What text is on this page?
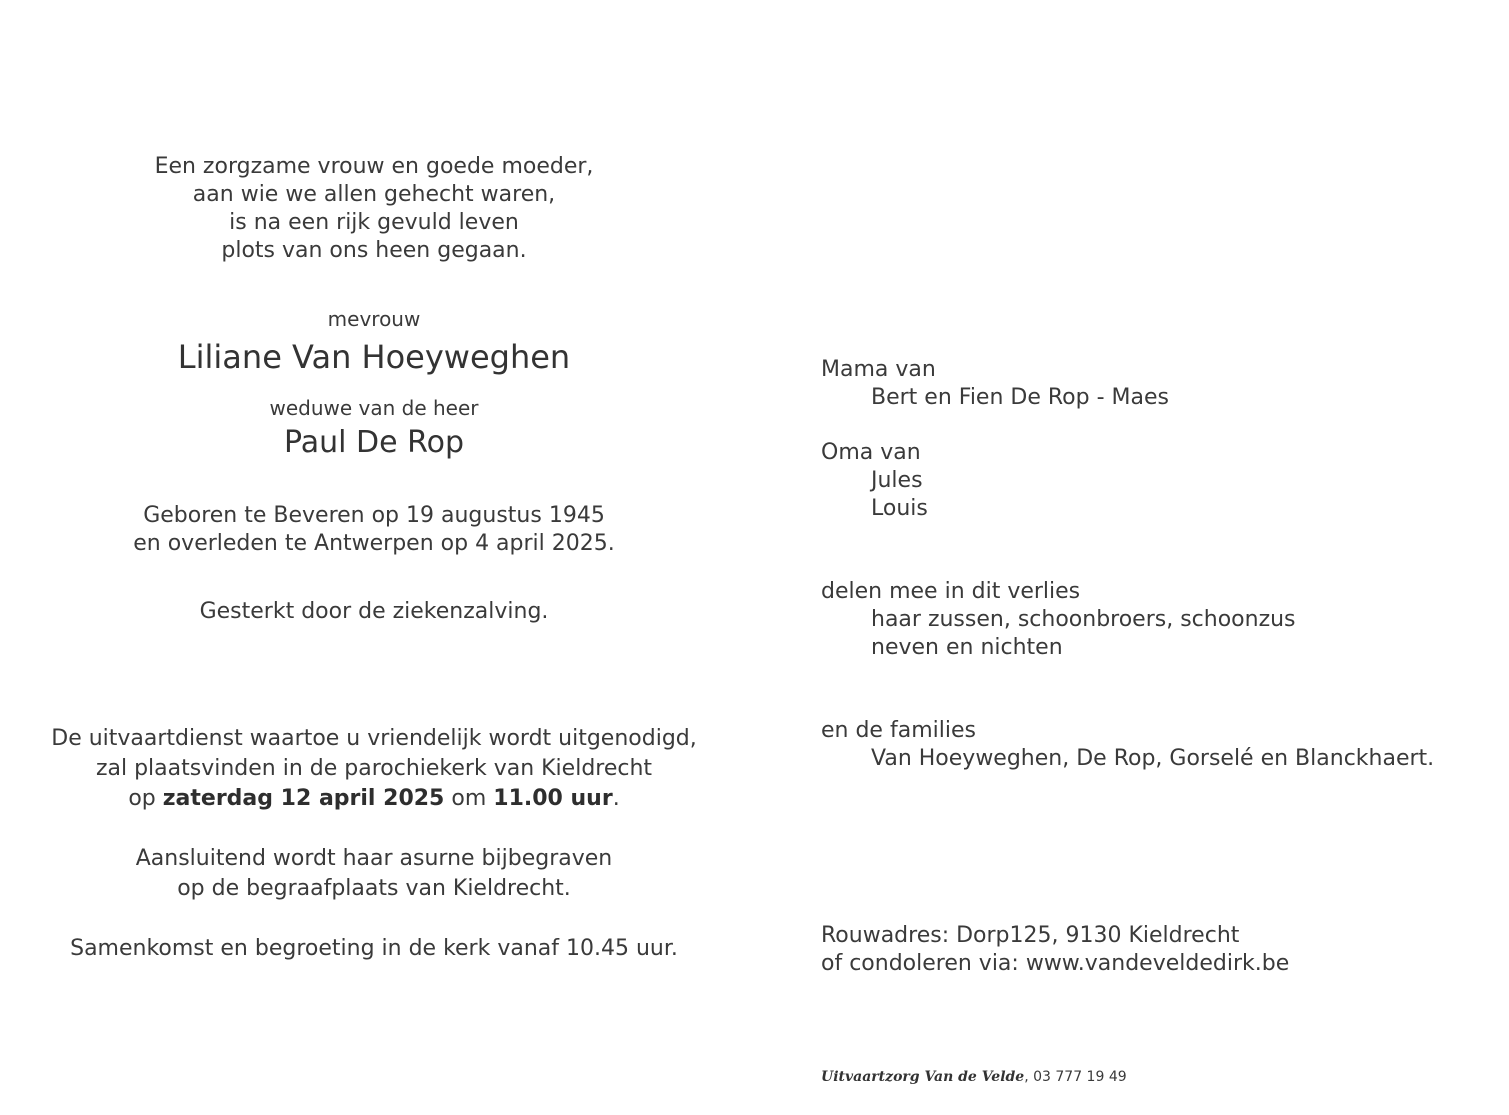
Een zorgzame vrouw en goede moeder,
aan wie we allen gehecht waren,
is na een rijk gevuld leven
plots van ons heen gegaan.
mevrouw
Liliane Van Hoeyweghen
weduwe van de heer
Paul De Rop
Geboren te Beveren op 19 augustus 1945
en overleden te Antwerpen op 4 april 2025.
Gesterkt door de ziekenzalving.
De uitvaartdienst waartoe u vriendelijk wordt uitgenodigd,
zal plaatsvinden in de parochiekerk van Kieldrecht
op zaterdag 12 april 2025 om 11.00 uur.
Aansluitend wordt haar asurne bijbegraven
op de begraafplaats van Kieldrecht.
Samenkomst en begroeting in de kerk vanaf 10.45 uur.
Mama van
Bert en Fien De Rop - Maes
Oma van
Jules
Louis
delen mee in dit verlies
haar zussen, schoonbroers, schoonzus
neven en nichten
en de families
Van Hoeyweghen, De Rop, Gorselé en Blanckhaert.
Rouwadres: Dorp125, 9130 Kieldrecht
of condoleren via: www.vandeveldedirk.be
Uitvaartzorg Van de Velde, 03 777 19 49
